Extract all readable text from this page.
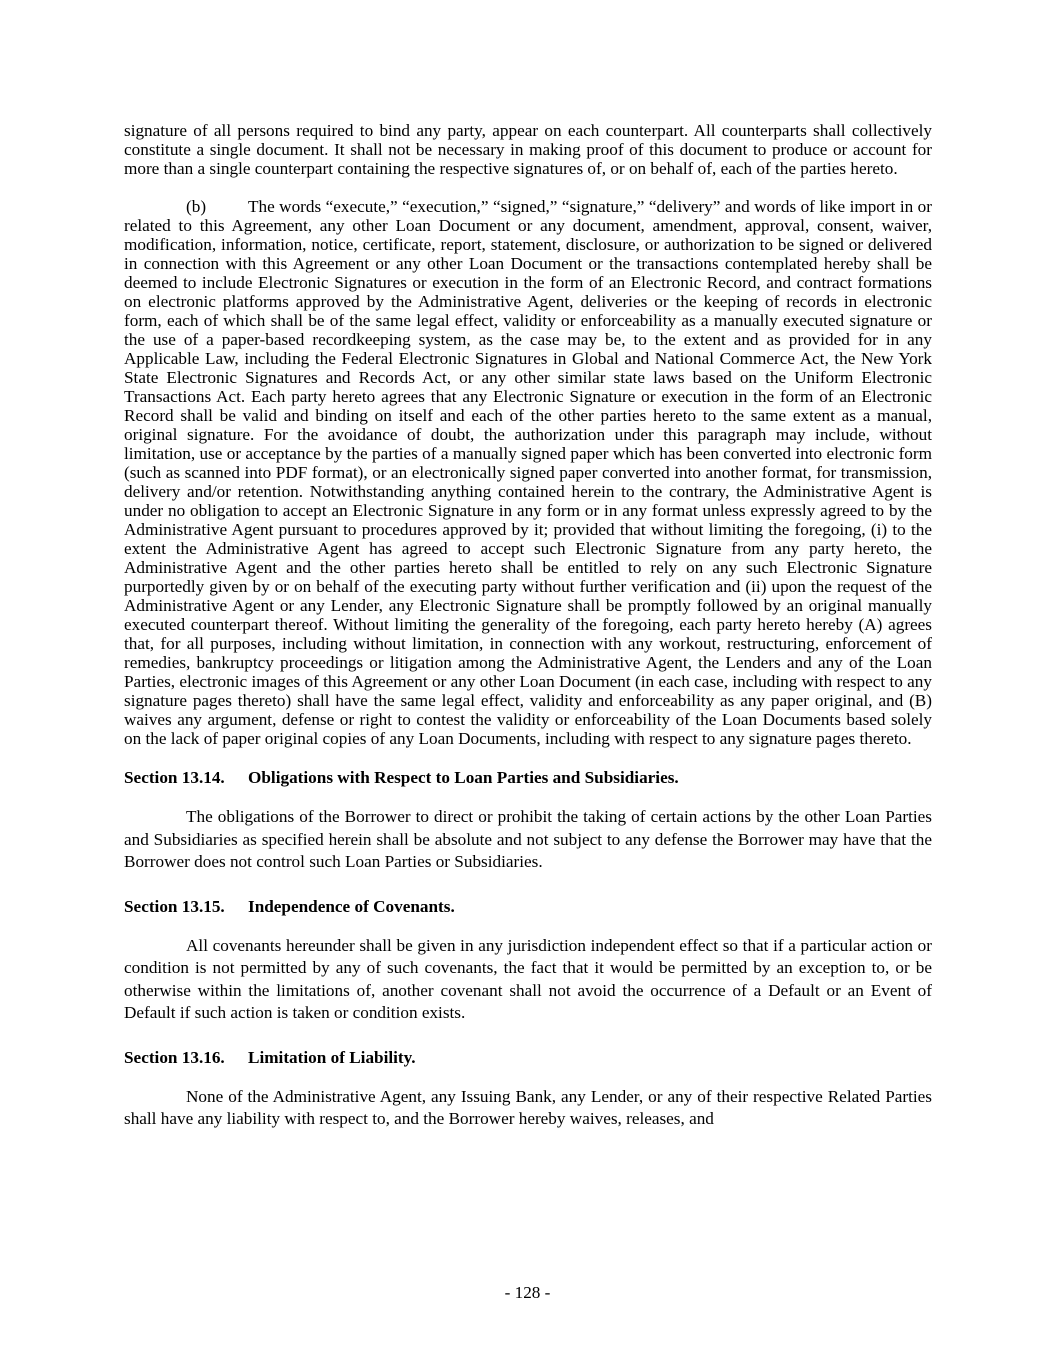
signature of all persons required to bind any party, appear on each counterpart. All counterparts shall collectively constitute a single document. It shall not be necessary in making proof of this document to produce or account for more than a single counterpart containing the respective signatures of, or on behalf of, each of the parties hereto.

(b) The words “execute,” “execution,” “signed,” “signature,” “delivery” and words of like import in or related to this Agreement, any other Loan Document or any document, amendment, approval, consent, waiver, modification, information, notice, certificate, report, statement, disclosure, or authorization to be signed or delivered in connection with this Agreement or any other Loan Document or the transactions contemplated hereby shall be deemed to include Electronic Signatures or execution in the form of an Electronic Record, and contract formations on electronic platforms approved by the Administrative Agent, deliveries or the keeping of records in electronic form, each of which shall be of the same legal effect, validity or enforceability as a manually executed signature or the use of a paper-based recordkeeping system, as the case may be, to the extent and as provided for in any Applicable Law, including the Federal Electronic Signatures in Global and National Commerce Act, the New York State Electronic Signatures and Records Act, or any other similar state laws based on the Uniform Electronic Transactions Act. Each party hereto agrees that any Electronic Signature or execution in the form of an Electronic Record shall be valid and binding on itself and each of the other parties hereto to the same extent as a manual, original signature. For the avoidance of doubt, the authorization under this paragraph may include, without limitation, use or acceptance by the parties of a manually signed paper which has been converted into electronic form (such as scanned into PDF format), or an electronically signed paper converted into another format, for transmission, delivery and/or retention. Notwithstanding anything contained herein to the contrary, the Administrative Agent is under no obligation to accept an Electronic Signature in any form or in any format unless expressly agreed to by the Administrative Agent pursuant to procedures approved by it; provided that without limiting the foregoing, (i) to the extent the Administrative Agent has agreed to accept such Electronic Signature from any party hereto, the Administrative Agent and the other parties hereto shall be entitled to rely on any such Electronic Signature purportedly given by or on behalf of the executing party without further verification and (ii) upon the request of the Administrative Agent or any Lender, any Electronic Signature shall be promptly followed by an original manually executed counterpart thereof. Without limiting the generality of the foregoing, each party hereto hereby (A) agrees that, for all purposes, including without limitation, in connection with any workout, restructuring, enforcement of remedies, bankruptcy proceedings or litigation among the Administrative Agent, the Lenders and any of the Loan Parties, electronic images of this Agreement or any other Loan Document (in each case, including with respect to any signature pages thereto) shall have the same legal effect, validity and enforceability as any paper original, and (B) waives any argument, defense or right to contest the validity or enforceability of the Loan Documents based solely on the lack of paper original copies of any Loan Documents, including with respect to any signature pages thereto.

Section 13.14. Obligations with Respect to Loan Parties and Subsidiaries.

The obligations of the Borrower to direct or prohibit the taking of certain actions by the other Loan Parties and Subsidiaries as specified herein shall be absolute and not subject to any defense the Borrower may have that the Borrower does not control such Loan Parties or Subsidiaries.

Section 13.15. Independence of Covenants.

All covenants hereunder shall be given in any jurisdiction independent effect so that if a particular action or condition is not permitted by any of such covenants, the fact that it would be permitted by an exception to, or be otherwise within the limitations of, another covenant shall not avoid the occurrence of a Default or an Event of Default if such action is taken or condition exists.

Section 13.16. Limitation of Liability.

None of the Administrative Agent, any Issuing Bank, any Lender, or any of their respective Related Parties shall have any liability with respect to, and the Borrower hereby waives, releases, and

- 128 -
